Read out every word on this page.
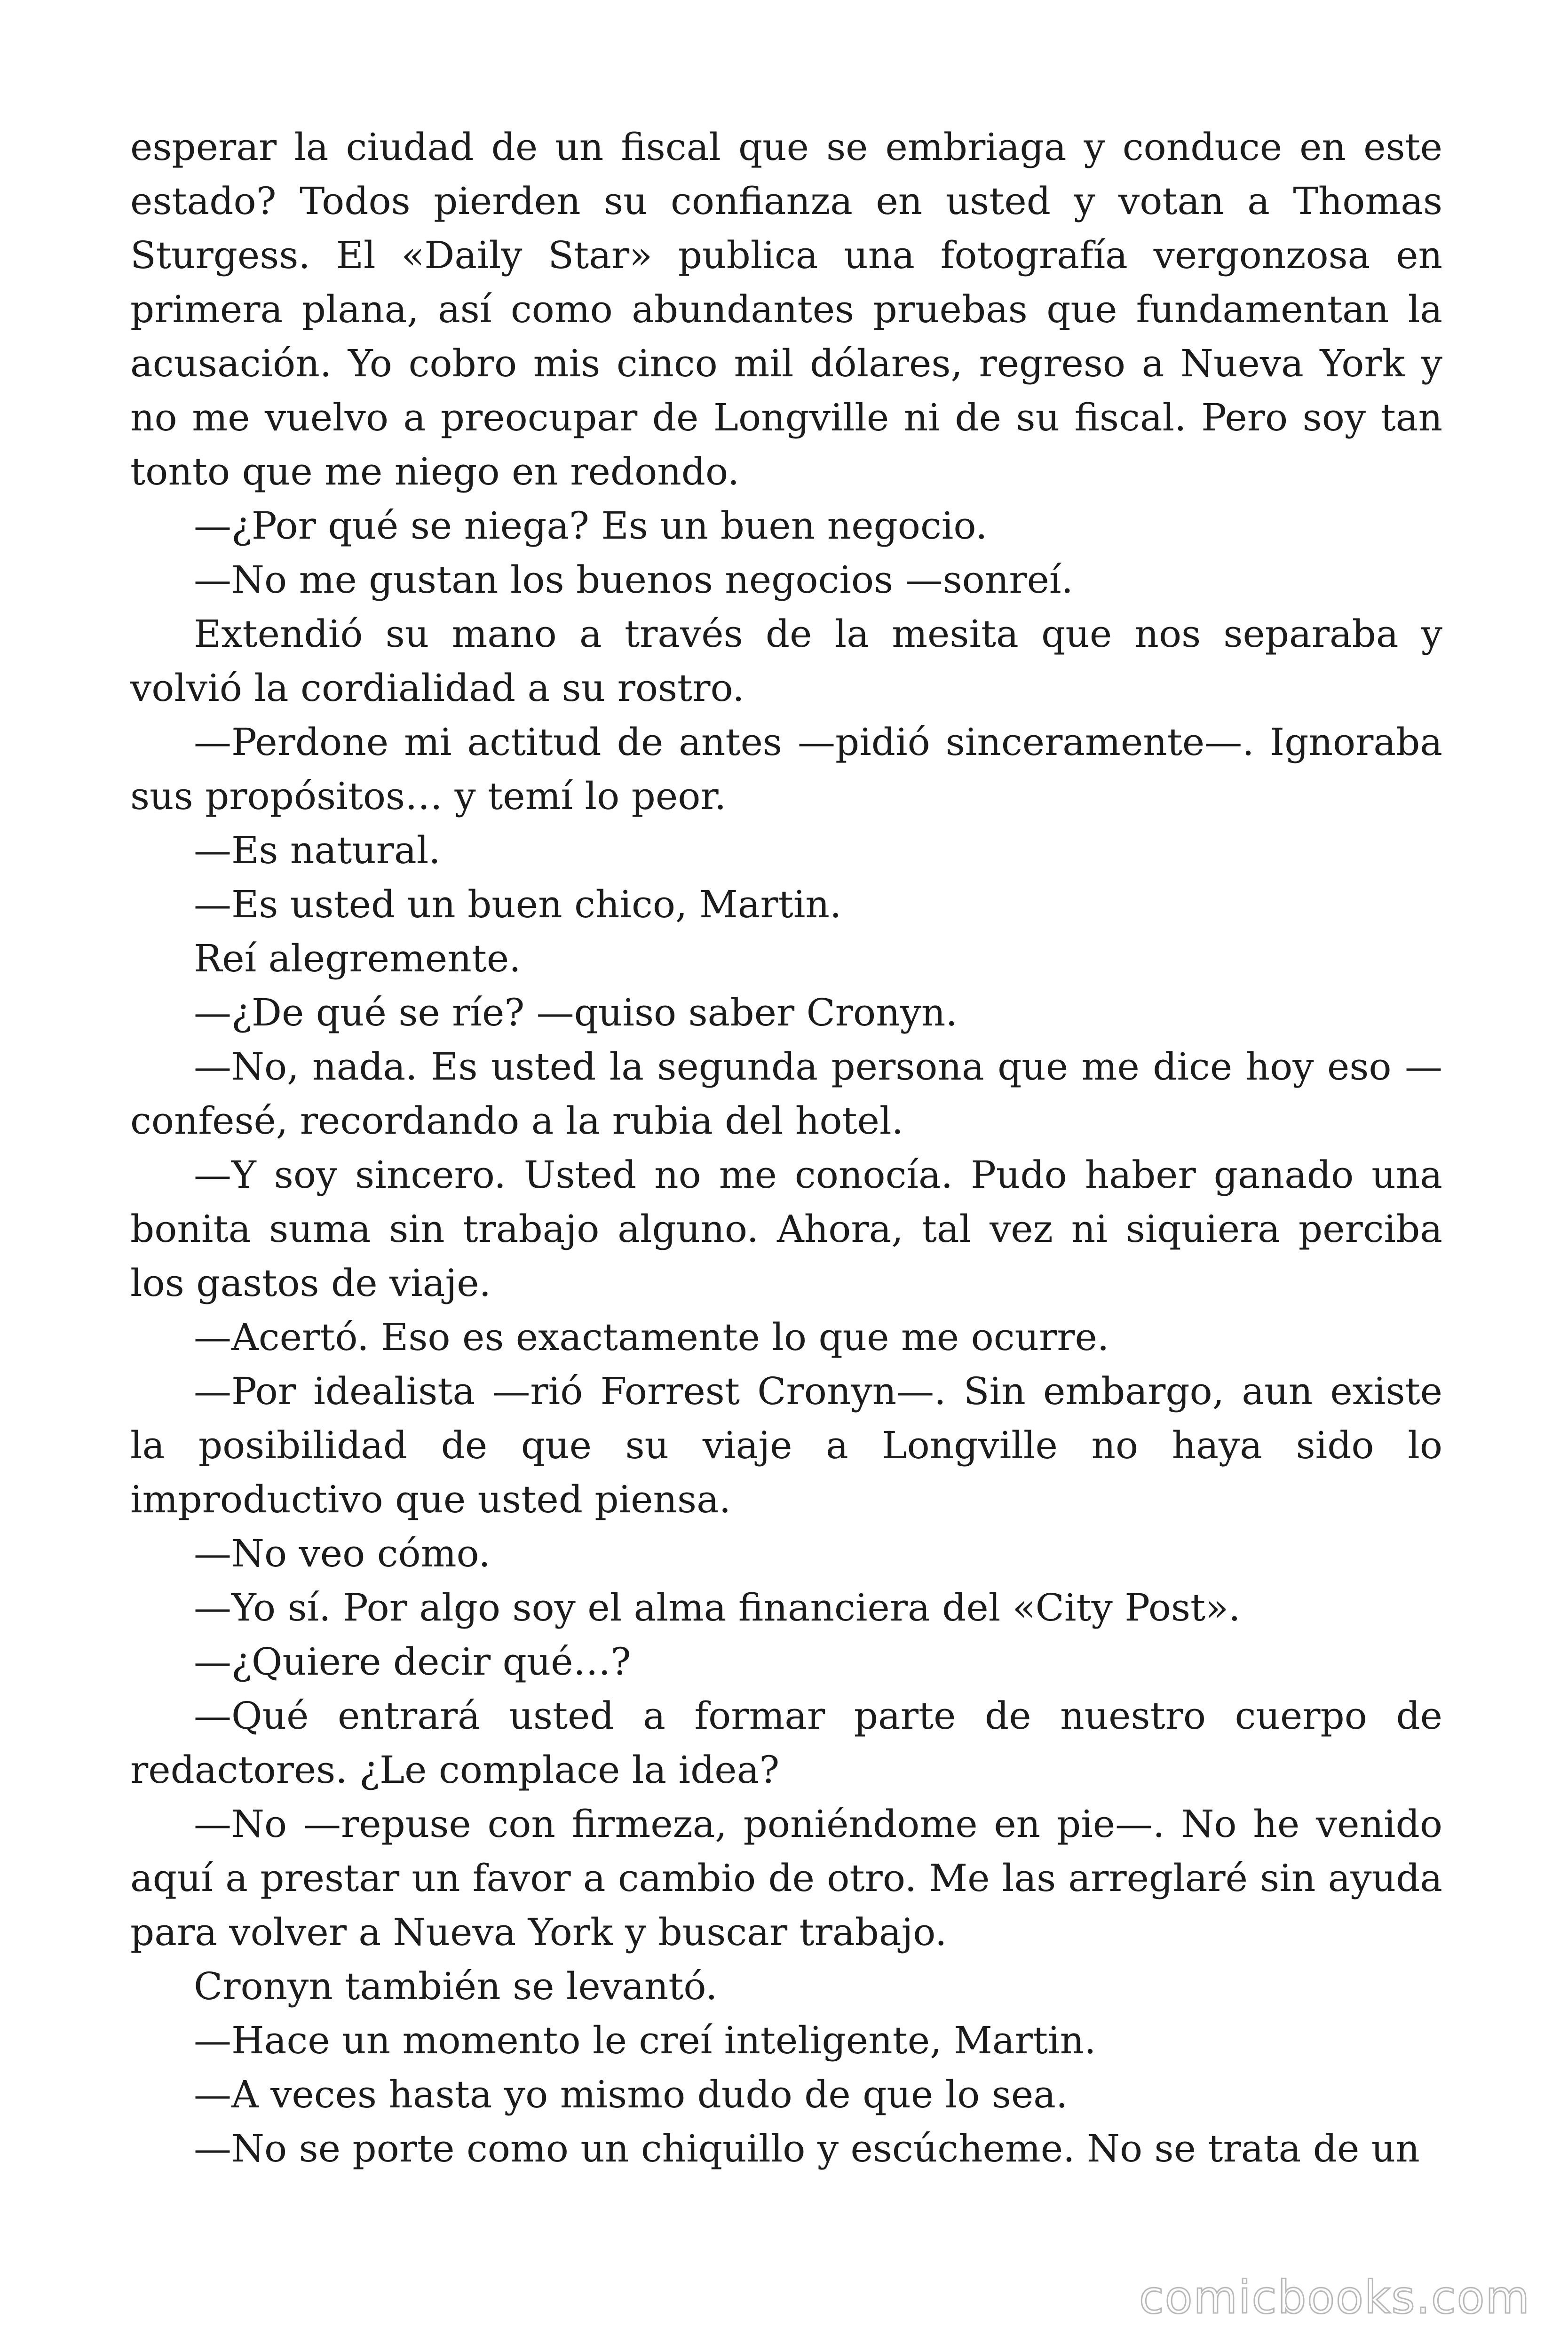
esperar la ciudad de un fiscal que se embriaga y conduce en este estado? Todos pierden su confianza en usted y votan a Thomas Sturgess. El «Daily Star» publica una fotografía vergonzosa en primera plana, así como abundantes pruebas que fundamentan la acusación. Yo cobro mis cinco mil dólares, regreso a Nueva York y no me vuelvo a preocupar de Longville ni de su fiscal. Pero soy tan tonto que me niego en redondo.

—¿Por qué se niega? Es un buen negocio.

—No me gustan los buenos negocios —sonreí.

Extendió su mano a través de la mesita que nos separaba y volvió la cordialidad a su rostro.

—Perdone mi actitud de antes —pidió sinceramente—. Ignoraba sus propósitos… y temí lo peor.

—Es natural.

—Es usted un buen chico, Martin.

Reí alegremente.

—¿De qué se ríe? —quiso saber Cronyn.

—No, nada. Es usted la segunda persona que me dice hoy eso — confesé, recordando a la rubia del hotel.

—Y soy sincero. Usted no me conocía. Pudo haber ganado una bonita suma sin trabajo alguno. Ahora, tal vez ni siquiera perciba los gastos de viaje.

—Acertó. Eso es exactamente lo que me ocurre.

—Por idealista —rió Forrest Cronyn—. Sin embargo, aun existe la posibilidad de que su viaje a Longville no haya sido lo improductivo que usted piensa.

—No veo cómo.

—Yo sí. Por algo soy el alma financiera del «City Post».

—¿Quiere decir qué…?

—Qué entrará usted a formar parte de nuestro cuerpo de redactores. ¿Le complace la idea?

—No —repuse con firmeza, poniéndome en pie—. No he venido aquí a prestar un favor a cambio de otro. Me las arreglaré sin ayuda para volver a Nueva York y buscar trabajo.

Cronyn también se levantó.

—Hace un momento le creí inteligente, Martin.

—A veces hasta yo mismo dudo de que lo sea.

—No se porte como un chiquillo y escúcheme. No se trata de un

comicbooks.com
